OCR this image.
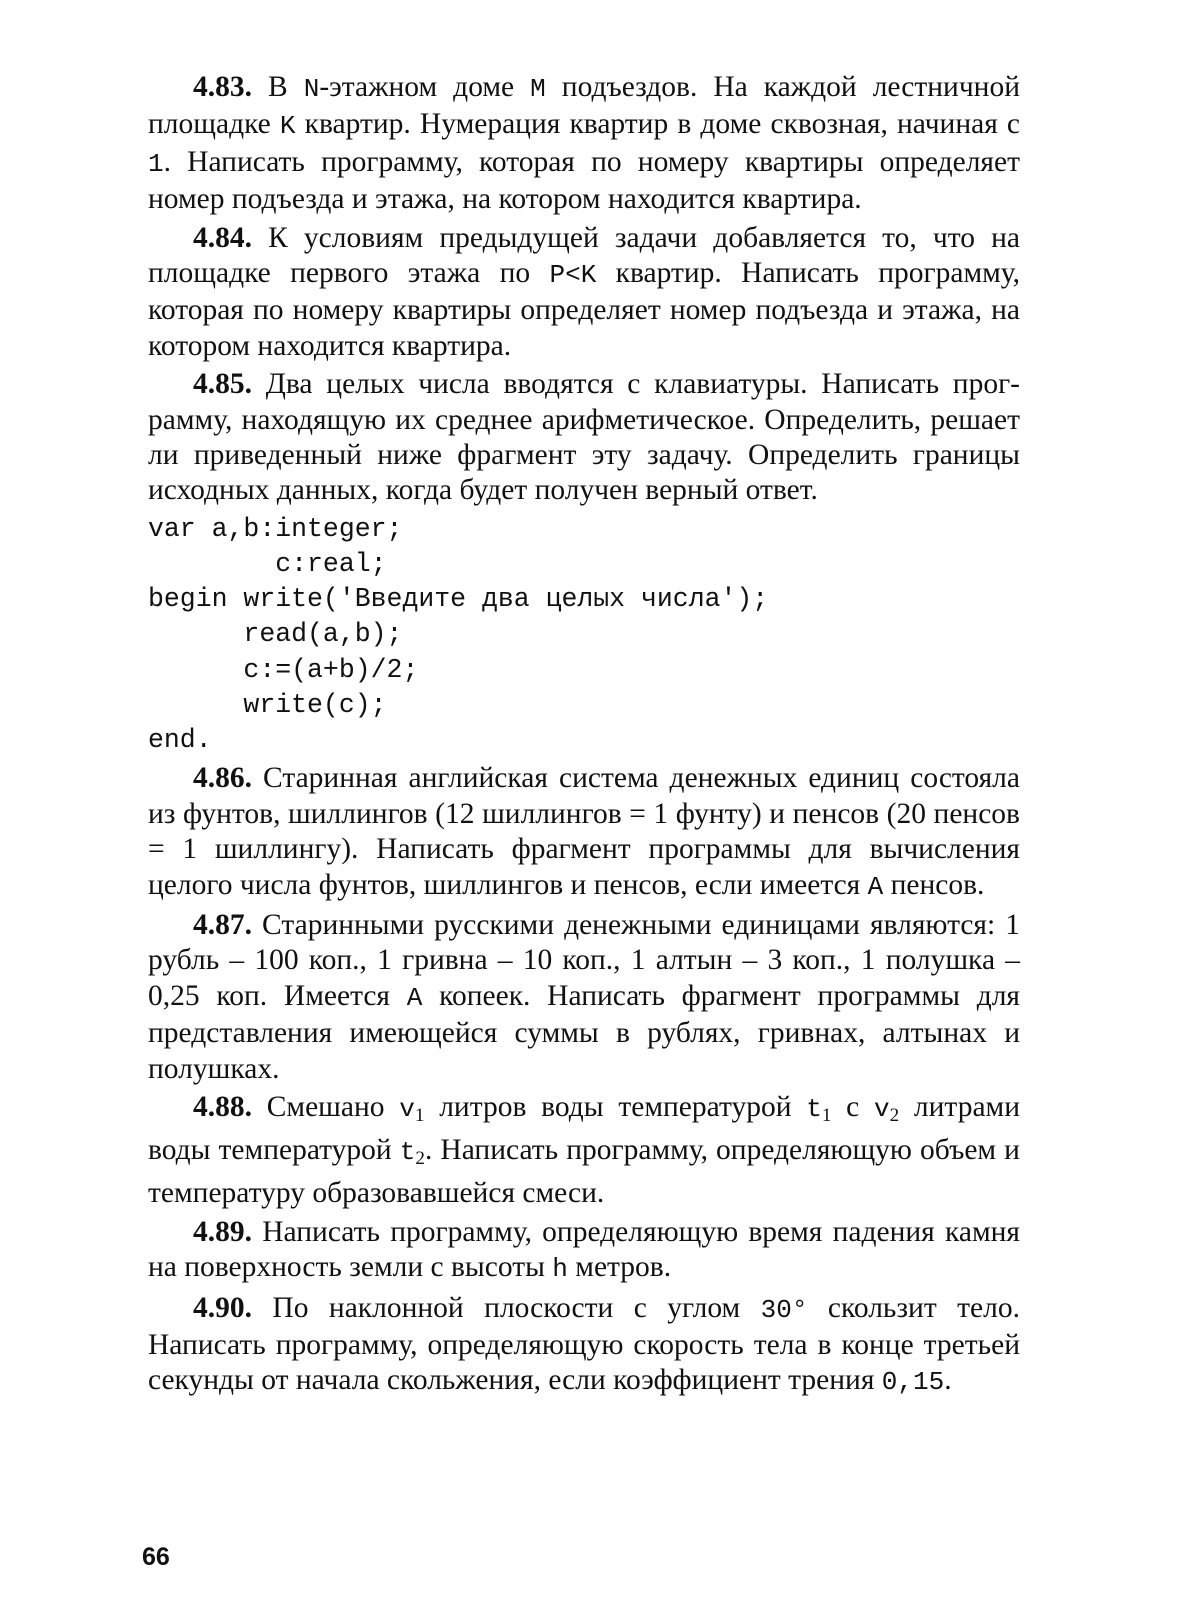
4.83. В N-этажном доме M подъездов. На каждой лестничной площадке K квартир. Нумерация квартир в доме сквозная, начиная с 1. Написать программу, которая по номеру квартиры определяет номер подъезда и этажа, на котором находится квартира.

4.84. К условиям предыдущей задачи добавляется то, что на площадке первого этажа по P<K квартир. Написать программу, которая по номеру квартиры определяет номер подъезда и этажа, на котором находится квартира.

4.85. Два целых числа вводятся с клавиатуры. Написать программу, находящую их среднее арифметическое. Определить, решает ли приведенный ниже фрагмент эту задачу. Определить границы исходных данных, когда будет получен верный ответ.

var a,b:integer;
c:real;
begin write('Введите два целых числа');
read(a,b);
c:=(a+b)/2;
write(c);
end.

4.86. Старинная английская система денежных единиц состояла из фунтов, шиллингов (12 шиллингов = 1 фунту) и пенсов (20 пенсов = 1 шиллингу). Написать фрагмент программы для вычисления целого числа фунтов, шиллингов и пенсов, если имеется A пенсов.

4.87. Старинными русскими денежными единицами являются: 1 рубль – 100 коп., 1 гривна – 10 коп., 1 алтын – 3 коп., 1 полушка – 0,25 коп. Имеется A копеек. Написать фрагмент программы для представления имеющейся суммы в рублях, гривнах, алтынах и полушках.

4.88. Смешано $v_1$ литров воды температурой $t_1$ с $v_2$ литрами воды температурой $t_2$. Написать программу, определяющую объем и температуру образовавшейся смеси.

4.89. Написать программу, определяющую время падения камня на поверхность земли с высоты h метров.

4.90. По наклонной плоскости с углом 30° скользит тело. Написать программу, определяющую скорость тела в конце третьей секунды от начала скольжения, если коэффициент трения 0,15.

66
